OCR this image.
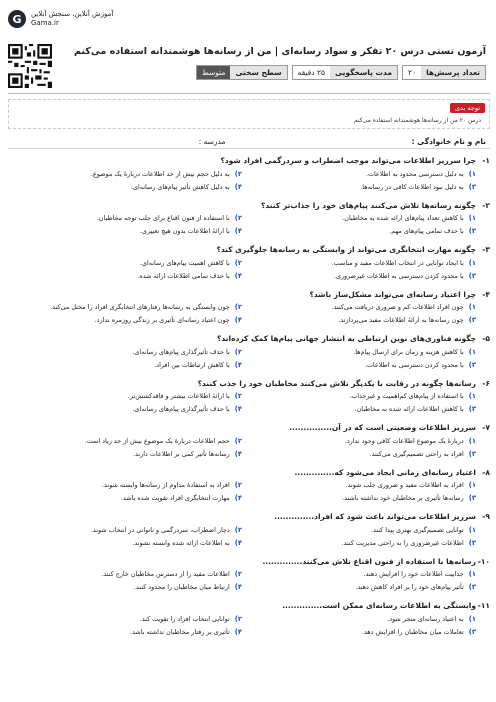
G	آموزش آنلاین، سنجش آنلاین
Gama.ir
آزمون تستی درس ۲۰ تفکر و سواد رسانه‌ای | من از رسانه‌ها هوشمندانه استفاده می‌کنم
تعداد پرسش‌ها
۲۰
مدت پاسخگویی
۲۵ دقیقه
سطح سختی
متوسط
توجه بدی
درس ۲۰ من از رسانه‌ها هوشمندانه استفاده می‌کنم
نام و نام خانوادگی :
مدرسه :
۱-
چرا سرریز اطلاعات می‌تواند موجب اضطراب و سردرگمی افراد شود؟
۱)
به دلیل دسترسی محدود به اطلاعات.
۲)
به دلیل حجم بیش از حد اطلاعات دربارهٔ یک موضوع.
۳)
به دلیل نبود اطلاعات کافی در رسانه‌ها.
۴)
به دلیل کاهش تأثیر پیام‌های رسانه‌ای.
۲-
چگونه رسانه‌ها تلاش می‌کنند پیام‌های خود را جذاب‌تر کنند؟
۱)
با کاهش تعداد پیام‌های ارائه شده به مخاطبان.
۲)
با استفاده از فنون اقناع برای جلب توجه مخاطبان.
۳)
با حذف تمامی پیام‌های مهم.
۴)
با ارائهٔ اطلاعات بدون هیچ تغییری.
۳-
چگونه مهارت انتخابگری می‌تواند از وابستگی به رسانه‌ها جلوگیری کند؟
۱)
با ایجاد توانایی در انتخاب اطلاعات مفید و مناسب.
۲)
با کاهش اهمیت پیام‌های رسانه‌ای.
۳)
با محدود کردن دسترسی به اطلاعات غیرضروری.
۴)
با حذف تمامی اطلاعات ارائه شده.
۴-
چرا اعتیاد رسانه‌ای می‌تواند مشکل‌ساز باشد؟
۱)
چون افراد اطلاعات کم و ضروری دریافت می‌کنند.
۲)
چون وابستگی به رسانه‌ها رفتارهای انتخابگری افراد را مختل می‌کند.
۳)
چون رسانه‌ها به ارائهٔ اطلاعات مفید می‌پردازند.
۴)
چون اعتیاد رسانه‌ای تأثیری بر زندگی روزمره ندارد.
۵-
چگونه فناوری‌های نوین ارتباطی به انتشار جهانی پیام‌ها کمک کرده‌اند؟
۱)
با کاهش هزینه و زمان برای ارسال پیام‌ها.
۲)
با حذف تأثیرگذاری پیام‌های رسانه‌ای.
۳)
با محدود کردن دسترسی به اطلاعات.
۴)
با کاهش ارتباطات بین افراد.
۶-
رسانه‌ها چگونه در رقابت با یکدیگر تلاش می‌کنند مخاطبان خود را جذب کنند؟
۱)
با استفاده از پیام‌های کم‌اهمیت و غیرجذاب.
۲)
با ارائهٔ اطلاعات بیشتر و فاقدکشش‌تر.
۳)
با کاهش اطلاعات ارائه شده به مخاطبان.
۴)
با حذف تأثیرگذاری پیام‌های رسانه‌ای.
۷-
سرریز اطلاعات وضعیتی است که در آن...............
۱)
دربارهٔ یک موضوع اطلاعات کافی وجود ندارد.
۲)
حجم اطلاعات دربارهٔ یک موضوع بیش از حد زیاد است.
۳)
افراد به راحتی تصمیم‌گیری می‌کنند.
۴)
رسانه‌ها تأثیر کمی بر اطلاعات دارند.
۸-
اعتیاد رسانه‌ای زمانی ایجاد می‌شود که..............
۱)
افراد به اطلاعات مفید و ضروری جلب شوند.
۲)
افراد به استفادهٔ مداوم از رسانه‌ها وابسته شوند.
۳)
رسانه‌ها تأثیری بر مخاطبان خود نداشته باشند.
۴)
مهارت انتخابگری افراد تقویت شده باشد.
۹-
سرریز اطلاعات می‌تواند باعث شود که افراد..............
۱)
توانایی تصمیم‌گیری بهتری پیدا کنند.
۲)
دچار اضطراب، سردرگمی و ناتوانی در انتخاب شوند.
۳)
اطلاعات غیرضروری را به راحتی مدیریت کنند.
۴)
به اطلاعات ارائه شده وابسته نشوند.
۱۰-
رسانه‌ها با استفاده از فنون اقناع تلاش می‌کنند..............
۱)
جذابیت اطلاعات خود را افزایش دهند.
۲)
اطلاعات مفید را از دسترس مخاطبان خارج کنند.
۳)
تأثیر پیام‌های خود را بر افراد کاهش دهند.
۴)
ارتباط میان مخاطبان را محدود کنند.
۱۱-
وابستگی به اطلاعات رسانه‌ای ممکن است..............
۱)
به اعتیاد رسانه‌ای منجر شود.
۲)
توانایی انتخاب افراد را تقویت کند.
۳)
تعاملات میان مخاطبان را افزایش دهد.
۴)
تأثیری بر رفتار مخاطبان نداشته باشد.
